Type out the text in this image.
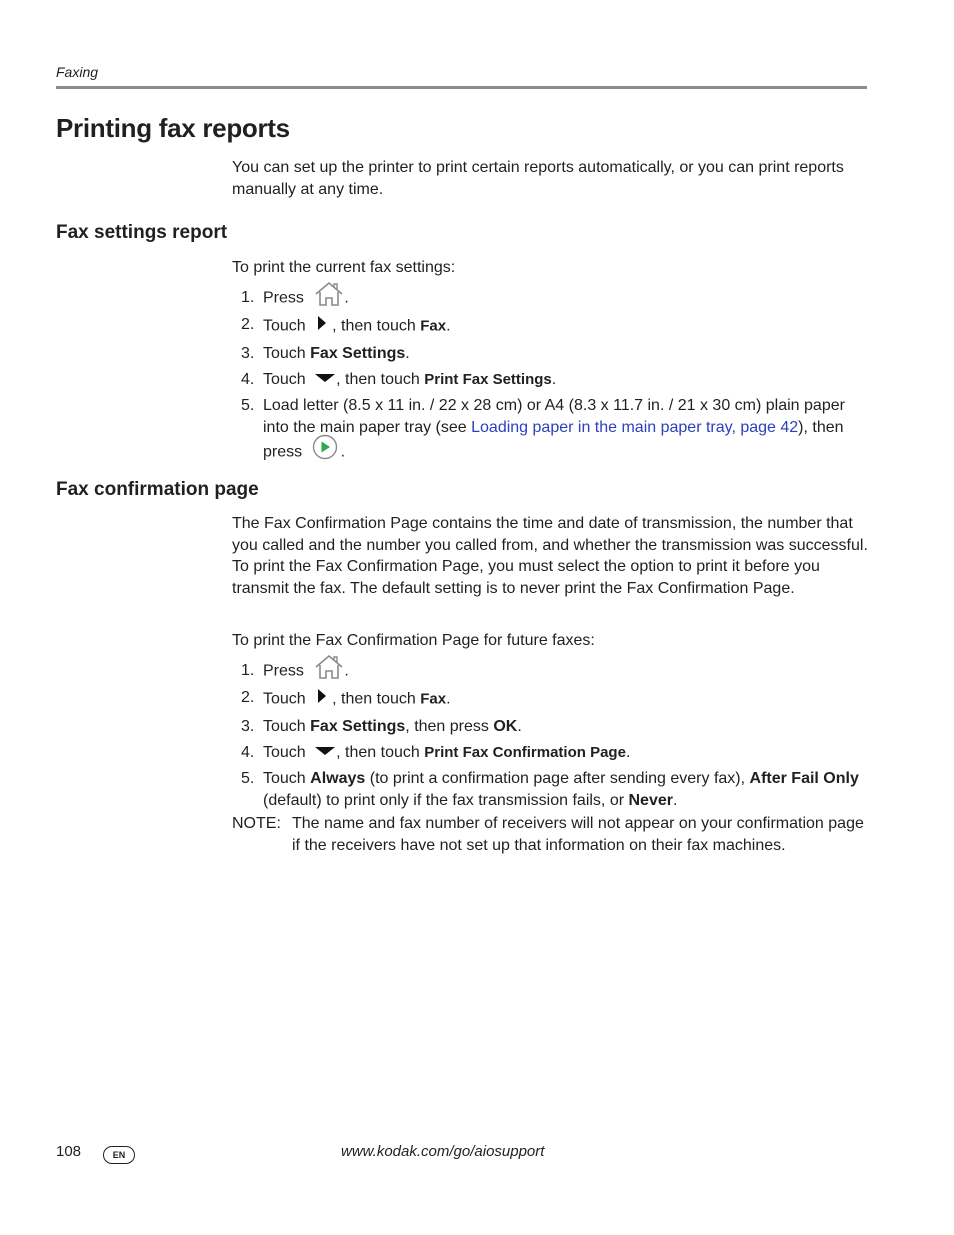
Faxing
Printing fax reports

You can set up the printer to print certain reports automatically, or you can print reports manually at any time.

Fax settings report

To print the current fax settings:

1. Press	.
2. Touch , then touch Fax.
3. Touch Fax Settings.
4. Touch , then touch Print Fax Settings.
5. Load letter (8.5 x 11 in. / 22 x 28 cm) or A4 (8.3 x 11.7 in. / 21 x 30 cm) plain paper into the main paper tray (see Loading paper in the main paper tray, page 42), then press .
Fax confirmation page

The Fax Confirmation Page contains the time and date of transmission, the number that you called and the number you called from, and whether the transmission was successful. To print the Fax Confirmation Page, you must select the option to print it before you transmit the fax. The default setting is to never print the Fax Confirmation Page.

To print the Fax Confirmation Page for future faxes:

1. Press	.
2. Touch , then touch Fax.
3. Touch Fax Settings, then press OK.
4. Touch , then touch Print Fax Confirmation Page.
5. Touch Always (to print a confirmation page after sending every fax), After Fail Only (default) to print only if the fax transmission fails, or Never.
NOTE: The name and fax number of receivers will not appear on your confirmation page if the receivers have not set up that information on their fax machines.
108	EN	www.kodak.com/go/aiosupport
